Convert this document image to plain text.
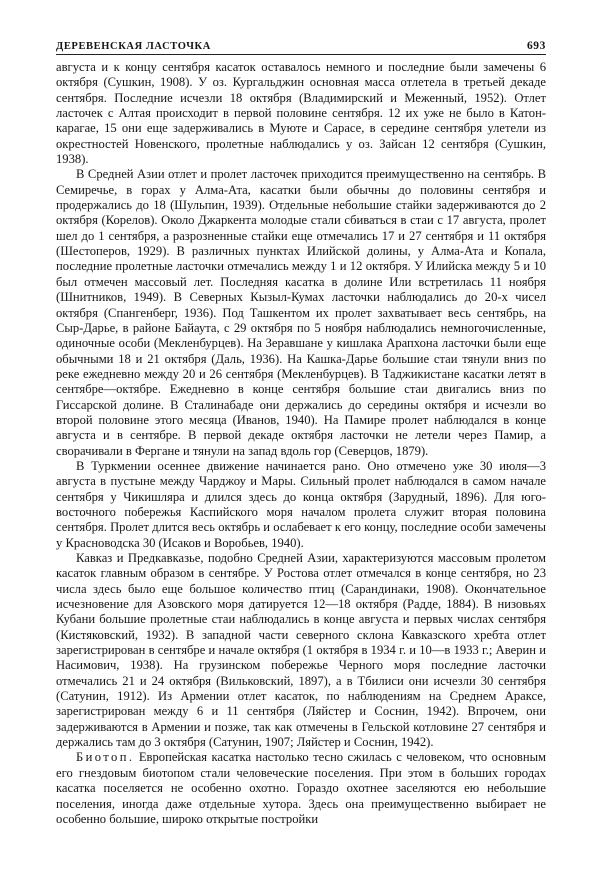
ДЕРЕВЕНСКАЯ ЛАСТОЧКА	693

августа и к концу сентября касаток оставалось немного и последние были замечены 6 октября (Сушкин, 1908). У оз. Кургальджин основная масса отлетела в третьей декаде сентября. Последние исчезли 18 октября (Владимирский и Меженный, 1952). Отлет ласточек с Алтая происходит в первой половине сентября. 12 их уже не было в Катон-карагае, 15 они еще задерживались в Муюте и Сарасе, в середине сентября улетели из окрестностей Новенского, пролетные наблюдались у оз. Зайсан 12 сентября (Сушкин, 1938).

В Средней Азии отлет и пролет ласточек приходится преимущественно на сентябрь. В Семиречье, в горах у Алма-Ата, касатки были обычны до половины сентября и продержались до 18 (Шульпин, 1939). Отдельные небольшие стайки задерживаются до 2 октября (Корелов). Около Джаркента молодые стали сбиваться в стаи с 17 августа, пролет шел до 1 сентября, а разрозненные стайки еще отмечались 17 и 27 сентября и 11 октября (Шестоперов, 1929). В различных пунктах Илийской долины, у Алма-Ата и Копала, последние пролетные ласточки отмечались между 1 и 12 октября. У Илийска между 5 и 10 был отмечен массовый лет. Последняя касатка в долине Или встретилась 11 ноября (Шнитников, 1949). В Северных Кызыл-Кумах ласточки наблюдались до 20-х чисел октября (Спангенберг, 1936). Под Ташкентом их пролет захватывает весь сентябрь, на Сыр-Дарье, в районе Байаута, с 29 октября по 5 ноября наблюдались немногочисленные, одиночные особи (Мекленбурцев). На Зеравшане у кишлака Арапхона ласточки были еще обычными 18 и 21 октября (Даль, 1936). На Кашка-Дарье большие стаи тянули вниз по реке ежедневно между 20 и 26 сентября (Мекленбурцев). В Таджикистане касатки летят в сентябре—октябре. Ежедневно в конце сентября большие стаи двигались вниз по Гиссарской долине. В Сталинабаде они держались до середины октября и исчезли во второй половине этого месяца (Иванов, 1940). На Памире пролет наблюдался в конце августа и в сентябре. В первой декаде октября ласточки не летели через Памир, а сворачивали в Фергане и тянули на запад вдоль гор (Северцов, 1879).

В Туркмении осеннее движение начинается рано. Оно отмечено уже 30 июля—3 августа в пустыне между Чарджоу и Мары. Сильный пролет наблюдался в самом начале сентября у Чикишляра и длился здесь до конца октября (Зарудный, 1896). Для юго-восточного побережья Каспийского моря началом пролета служит вторая половина сентября. Пролет длится весь октябрь и ослабевает к его концу, последние особи замечены у Красноводска 30 (Исаков и Воробьев, 1940).

Кавказ и Предкавказье, подобно Средней Азии, характеризуются массовым пролетом касаток главным образом в сентябре. У Ростова отлет отмечался в конце сентября, но 23 числа здесь было еще большое количество птиц (Сарандинаки, 1908). Окончательное исчезновение для Азовского моря датируется 12—18 октября (Радде, 1884). В низовьях Кубани большие пролетные стаи наблюдались в конце августа и первых числах сентября (Кистяковский, 1932). В западной части северного склона Кавказского хребта отлет зарегистрирован в сентябре и начале октября (1 октября в 1934 г. и 10—в 1933 г.; Аверин и Насимович, 1938). На грузинском побережье Черного моря последние ласточки отмечались 21 и 24 октября (Вильковский, 1897), а в Тбилиси они исчезли 30 сентября (Сатунин, 1912). Из Армении отлет касаток, по наблюдениям на Среднем Араксе, зарегистрирован между 6 и 11 сентября (Ляйстер и Соснин, 1942). Впрочем, они задерживаются в Армении и позже, так как отмечены в Гельской котловине 27 сентября и держались там до 3 октября (Сатунин, 1907; Ляйстер и Соснин, 1942).

Биотоп. Европейская касатка настолько тесно сжилась с человеком, что основным его гнездовым биотопом стали человеческие поселения. При этом в больших городах касатка поселяется не особенно охотно. Гораздо охотнее заселяются ею небольшие поселения, иногда даже отдельные хутора. Здесь она преимущественно выбирает не особенно большие, широко открытые постройки
